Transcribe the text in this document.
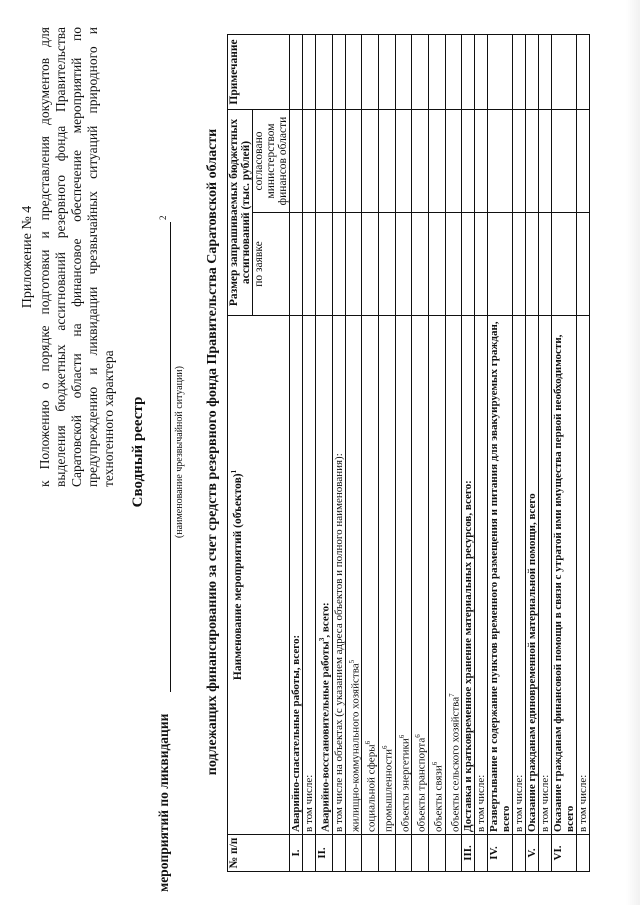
Приложение № 4 к Положению о порядке подготовки и представления документов для выделения бюджетных ассигнований резервного фонда Правительства Саратовской области на финансовое обеспечение мероприятий по предупреждению и ликвидации чрезвычайных ситуаций природного и техногенного характера Сводный реестр
мероприятий по ликвидации
2
(наименование чрезвычайной ситуации) подлежащих финансированию за счет средств резервного фонда Правительства Саратовской области
№ п/п	Наименование мероприятий (объектов)$^1$	Размер запрашиваемых бюджетных ассигнований (тыс. рублей)		Примечание
		по заявке	согласовано министерством финансов области	
I.	Аварийно-спасательные работы, всего:			
	в том числе:			
II.	Аварийно-восстановительные работы$^3$, всего:			
	в том числе на объектах (с указанием адреса объектов и полного наименования):			
	жилищно-коммунального хозяйства$^5$			
	социальной сферы$^6$			
	промышленности$^6$			
	объекты энергетики$^6$			
	объекты транспорта$^6$			
	объекты связи$^6$			
	объекты сельского хозяйства$^7$			
III.	Доставка и кратковременное хранение материальных ресурсов, всего:			
	в том числе:			
IV.	Развертывание и содержание пунктов временного размещения и питания для эвакуируемых граждан, всего			
	в том числе:			
V.	Оказание гражданам единовременной материальной помощи, всего			
	в том числе:			
VI.	Оказание гражданам финансовой помощи в связи с утратой ими имущества первой необходимости, всего			
	в том числе:			
